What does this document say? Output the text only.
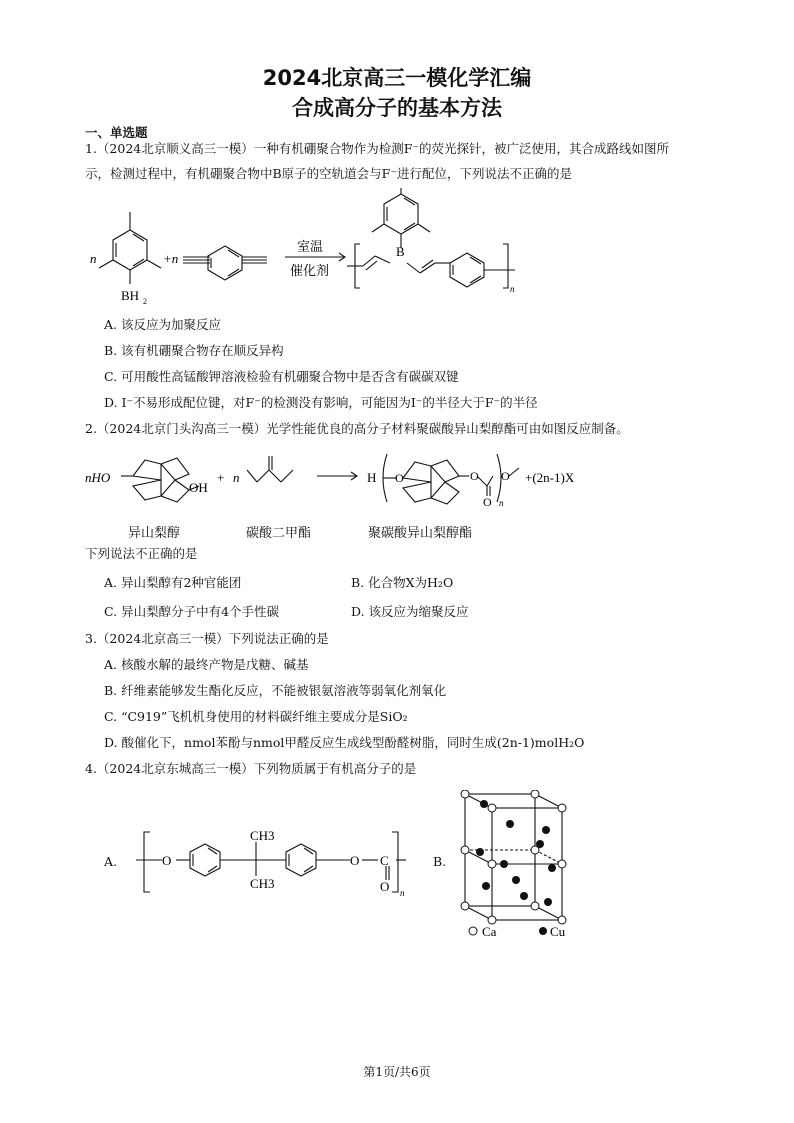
2024北京高三一模化学汇编
合成高分子的基本方法
一、单选题
1.（2024北京顺义高三一模）一种有机硼聚合物作为检测F⁻的荧光探针，被广泛使用，其合成路线如图所
示，检测过程中，有机硼聚合物中B原子的空轨道会与F⁻进行配位，下列说法不正确的是
n
BH 2
+n
室温
催化剂
B
n
A. 该反应为加聚反应
B. 该有机硼聚合物存在顺反异构
C. 可用酸性高锰酸钾溶液检验有机硼聚合物中是否含有碳碳双键
D. I⁻不易形成配位键，对F⁻的检测没有影响，可能因为I⁻的半径大于F⁻的半径
2.（2024北京门头沟高三一模）光学性能优良的高分子材料聚碳酸异山梨醇酯可由如图反应制备。
nHO
OH
+ n	H O	O
O
O
n
+(2n-1)X
异山梨醇	碳酸二甲酯	聚碳酸异山梨醇酯
下列说法不正确的是
A. 异山梨醇有2种官能团	B. 化合物X为H₂O
C. 异山梨醇分子中有4个手性碳	D. 该反应为缩聚反应
3.（2024北京高三一模）下列说法正确的是
A. 核酸水解的最终产物是戊糖、碱基
B. 纤维素能够发生酯化反应，不能被银氨溶液等弱氧化剂氧化
C. “C919”飞机机身使用的材料碳纤维主要成分是SiO₂
D. 酸催化下，nmol苯酚与nmol甲醛反应生成线型酚醛树脂，同时生成(2n-1)molH₂O
4.（2024北京东城高三一模）下列物质属于有机高分子的是
O
CH3
CH3
O C
O n
Ca	Cu
A.	B.
第1页/共6页
